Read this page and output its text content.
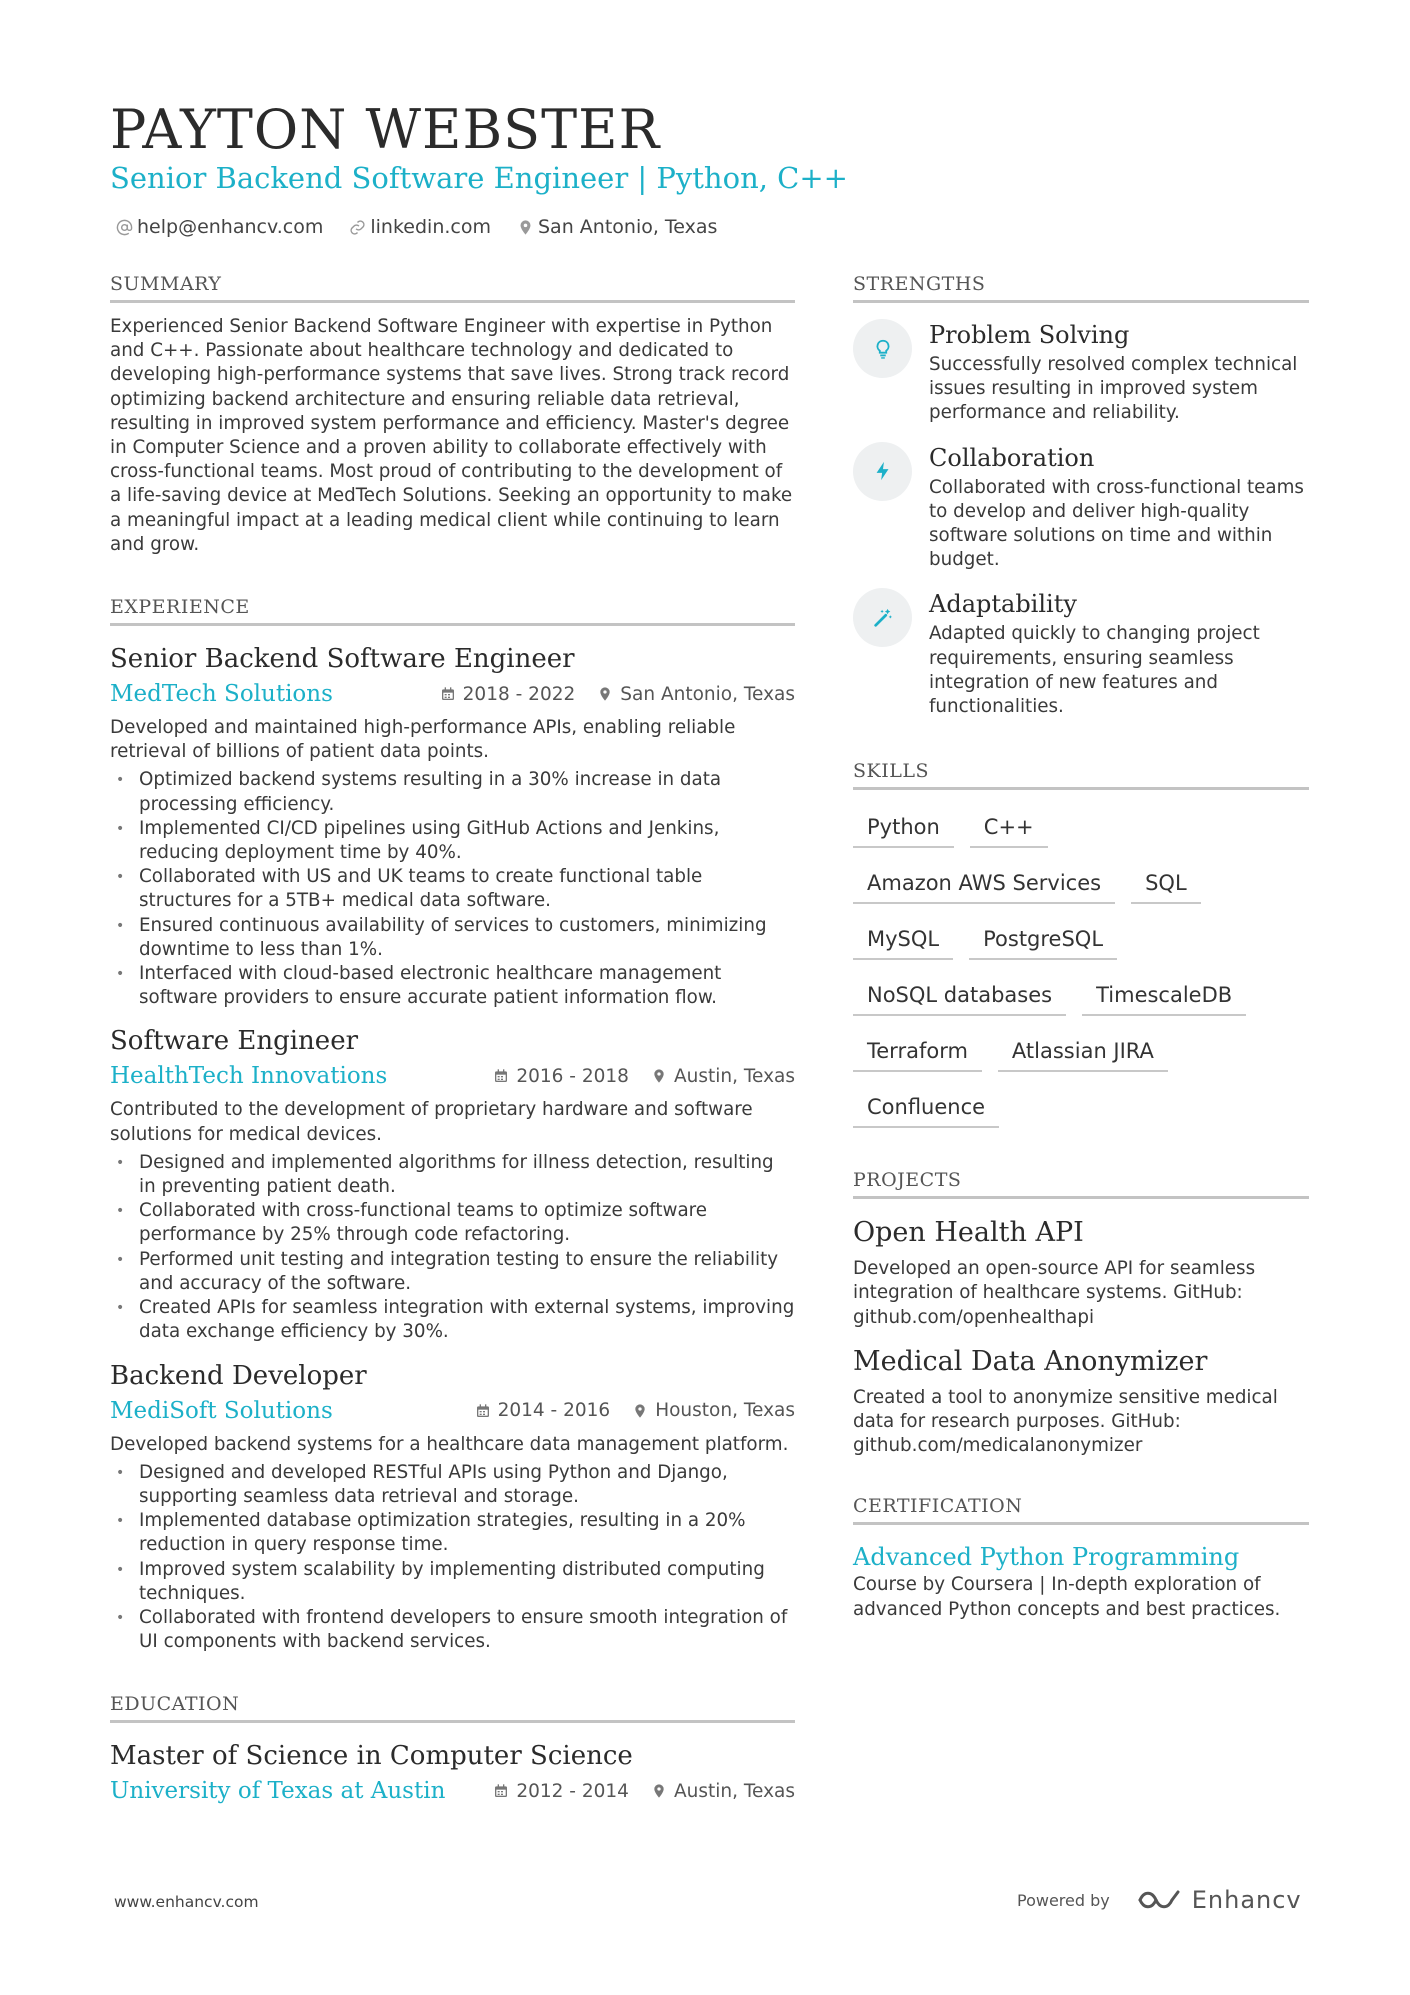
PAYTON WEBSTER
Senior Backend Software Engineer | Python, C++
help@enhancv.com linkedin.com San Antonio, Texas
SUMMARY

Experienced Senior Backend Software Engineer with expertise in Python and C++. Passionate about healthcare technology and dedicated to developing high-performance systems that save lives. Strong track record optimizing backend architecture and ensuring reliable data retrieval, resulting in improved system performance and efficiency. Master's degree in Computer Science and a proven ability to collaborate effectively with cross-functional teams. Most proud of contributing to the development of a life-saving device at MedTech Solutions. Seeking an opportunity to make a meaningful impact at a leading medical client while continuing to learn and grow.

EXPERIENCE
Senior Backend Software Engineer
MedTech Solutions	2018 - 2022 San Antonio, Texas

Developed and maintained high-performance APIs, enabling reliable retrieval of billions of patient data points.

• Optimized backend systems resulting in a 30% increase in data processing efficiency.
• Implemented CI/CD pipelines using GitHub Actions and Jenkins, reducing deployment time by 40%.
• Collaborated with US and UK teams to create functional table structures for a 5TB+ medical data software.
• Ensured continuous availability of services to customers, minimizing downtime to less than 1%.
• Interfaced with cloud-based electronic healthcare management software providers to ensure accurate patient information flow.
Software Engineer
HealthTech Innovations	2016 - 2018 Austin, Texas

Contributed to the development of proprietary hardware and software solutions for medical devices.

• Designed and implemented algorithms for illness detection, resulting in preventing patient death.
• Collaborated with cross-functional teams to optimize software performance by 25% through code refactoring.
• Performed unit testing and integration testing to ensure the reliability and accuracy of the software.
• Created APIs for seamless integration with external systems, improving data exchange efficiency by 30%.
Backend Developer
MediSoft Solutions	2014 - 2016 Houston, Texas

Developed backend systems for a healthcare data management platform.

• Designed and developed RESTful APIs using Python and Django, supporting seamless data retrieval and storage.
• Implemented database optimization strategies, resulting in a 20% reduction in query response time.
• Improved system scalability by implementing distributed computing techniques.
• Collaborated with frontend developers to ensure smooth integration of UI components with backend services.
EDUCATION
Master of Science in Computer Science
University of Texas at Austin	2012 - 2014 Austin, Texas
STRENGTHS
Problem Solving
Successfully resolved complex technical issues resulting in improved system performance and reliability.
Collaboration
Collaborated with cross-functional teams to develop and deliver high-quality software solutions on time and within budget.
Adaptability
Adapted quickly to changing project requirements, ensuring seamless integration of new features and functionalities.
SKILLS
Python	C++
Amazon AWS Services	SQL
MySQL	PostgreSQL
NoSQL databases	TimescaleDB
Terraform	Atlassian JIRA
Confluence
PROJECTS
Open Health API
Developed an open-source API for seamless integration of healthcare systems. GitHub: github.com/openhealthapi
Medical Data Anonymizer
Created a tool to anonymize sensitive medical data for research purposes. GitHub: github.com/medicalanonymizer
CERTIFICATION
Advanced Python Programming
Course by Coursera | In-depth exploration of advanced Python concepts and best practices.
www.enhancv.com	Powered by	Enhancv
